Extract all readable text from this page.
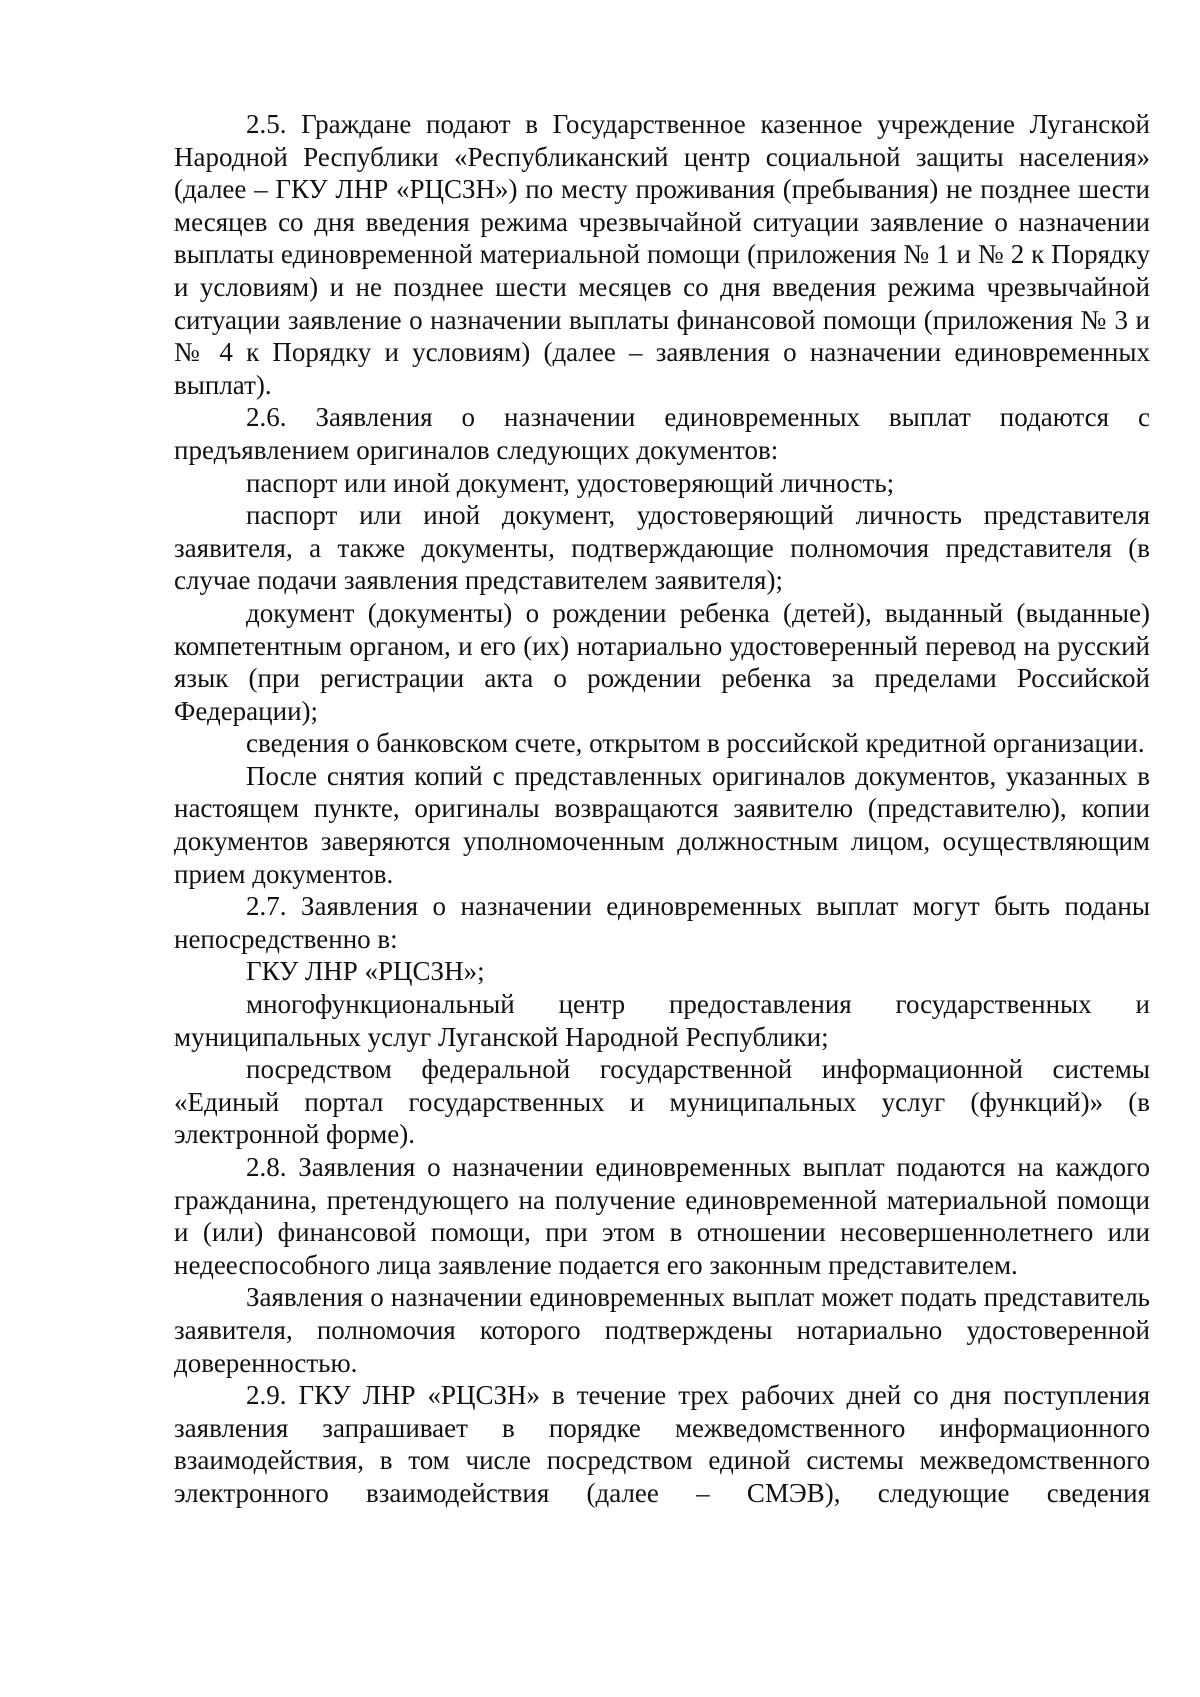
2.5. Граждане подают в Государственное казенное учреждение Луганской Народной Республики «Республиканский центр социальной защиты населения» (далее – ГКУ ЛНР «РЦСЗН») по месту проживания (пребывания) не позднее шести месяцев со дня введения режима чрезвычайной ситуации заявление о назначении выплаты единовременной материальной помощи (приложения № 1 и № 2 к Порядку и условиям) и не позднее шести месяцев со дня введения режима чрезвычайной ситуации заявление о назначении выплаты финансовой помощи (приложения № 3 и № 4 к Порядку и условиям) (далее – заявления о назначении единовременных выплат).

2.6. Заявления о назначении единовременных выплат подаются с предъявлением оригиналов следующих документов:

паспорт или иной документ, удостоверяющий личность;

паспорт или иной документ, удостоверяющий личность представителя заявителя, а также документы, подтверждающие полномочия представителя (в случае подачи заявления представителем заявителя);

документ (документы) о рождении ребенка (детей), выданный (выданные) компетентным органом, и его (их) нотариально удостоверенный перевод на русский язык (при регистрации акта о рождении ребенка за пределами Российской Федерации);

сведения о банковском счете, открытом в российской кредитной организации.

После снятия копий с представленных оригиналов документов, указанных в настоящем пункте, оригиналы возвращаются заявителю (представителю), копии документов заверяются уполномоченным должностным лицом, осуществляющим прием документов.

2.7. Заявления о назначении единовременных выплат могут быть поданы непосредственно в:

ГКУ ЛНР «РЦСЗН»;

многофункциональный центр предоставления государственных и муниципальных услуг Луганской Народной Республики;

посредством федеральной государственной информационной системы «Единый портал государственных и муниципальных услуг (функций)» (в электронной форме).

2.8. Заявления о назначении единовременных выплат подаются на каждого гражданина, претендующего на получение единовременной материальной помощи и (или) финансовой помощи, при этом в отношении несовершеннолетнего или недееспособного лица заявление подается его законным представителем.

Заявления о назначении единовременных выплат может подать представитель заявителя, полномочия которого подтверждены нотариально удостоверенной доверенностью.

2.9. ГКУ ЛНР «РЦСЗН» в течение трех рабочих дней со дня поступления заявления запрашивает в порядке межведомственного информационного взаимодействия, в том числе посредством единой системы межведомственного электронного взаимодействия (далее – СМЭВ), следующие сведения
